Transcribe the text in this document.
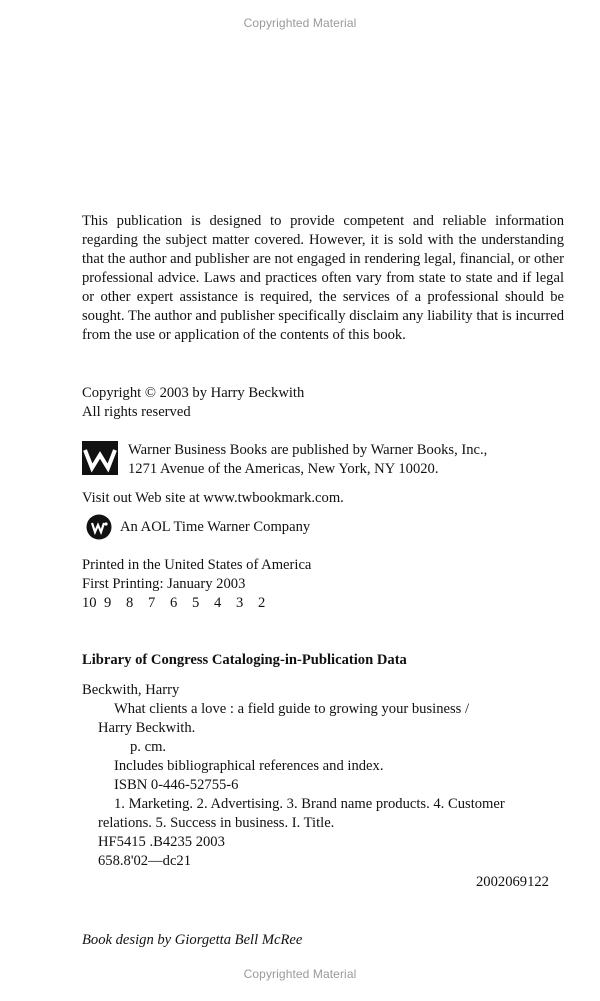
Copyrighted Material
This publication is designed to provide competent and reliable information regarding the subject matter covered. However, it is sold with the understanding that the author and publisher are not engaged in rendering legal, financial, or other professional advice. Laws and practices often vary from state to state and if legal or other expert assistance is required, the services of a professional should be sought. The author and publisher specifically disclaim any liability that is incurred from the use or application of the contents of this book.
Copyright © 2003 by Harry Beckwith
All rights reserved
Warner Business Books are published by Warner Books, Inc.,
1271 Avenue of the Americas, New York, NY 10020.
Visit out Web site at www.twbookmark.com.
An AOL Time Warner Company
Printed in the United States of America
First Printing: January 2003
10 9 8 7 6 5 4 3 2
Library of Congress Cataloging-in-Publication Data
Beckwith, Harry
What clients a love : a field guide to growing your business /
Harry Beckwith.
p. cm.
Includes bibliographical references and index.
ISBN 0-446-52755-6
1. Marketing. 2. Advertising. 3. Brand name products. 4. Customer
relations. 5. Success in business. I. Title.
HF5415 .B4235 2003
658.8'02—dc21
2002069122
Book design by Giorgetta Bell McRee
Copyrighted Material
